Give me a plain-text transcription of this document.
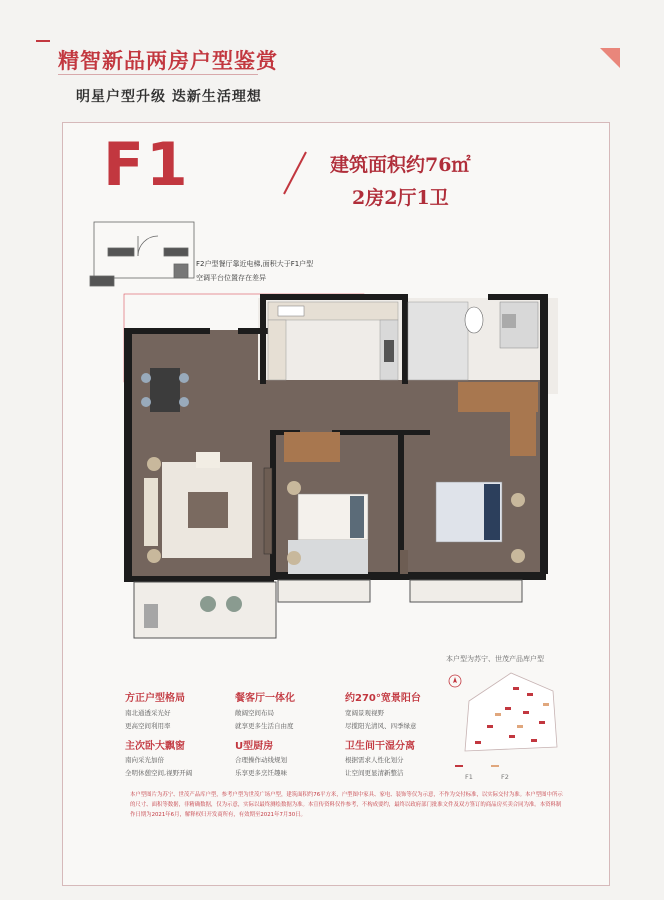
精智新品两房户型鉴赏
明星户型升级 迭新生活理想
F1	建筑面积约76㎡
2房2厅1卫
F2户型餐厅靠近电梯,面积大于F1户型
空调平台位置存在差异
方正户型格局
南北通透采光好
更高空间利用率
餐客厅一体化
敞阔空间布局
就享更多生活自由度
约270°宽景阳台
宽阔景观视野
尽揽阳光清风、四季绿意
主次卧大飘窗
南向采光加倍
全明休憩空间,视野开阔
U型厨房
合理操作动线规划
乐享更多烹饪趣味
卫生间干湿分离
根据需求人性化划分
让空间更显清新整洁
本户型为苏宁、世茂产品库户型
F1	F2
本户型图片为苏宁、世茂产品库户型，参考户型为世茂广场户型，建筑面积约76平方米，户型图中家具、家电、装饰等仅为示意，不作为交付标准，以实际交付为准。本户型图中所示的尺寸、面积等数据，非精确数据，仅为示意，实际以最终测绘数据为准。本宣传资料仅作参考，不构成要约，最终以政府部门批准文件及双方签订的商品房买卖合同为准。本资料制作日期为2021年6月，解释权归开发商所有，有效期至2021年7月30日。
